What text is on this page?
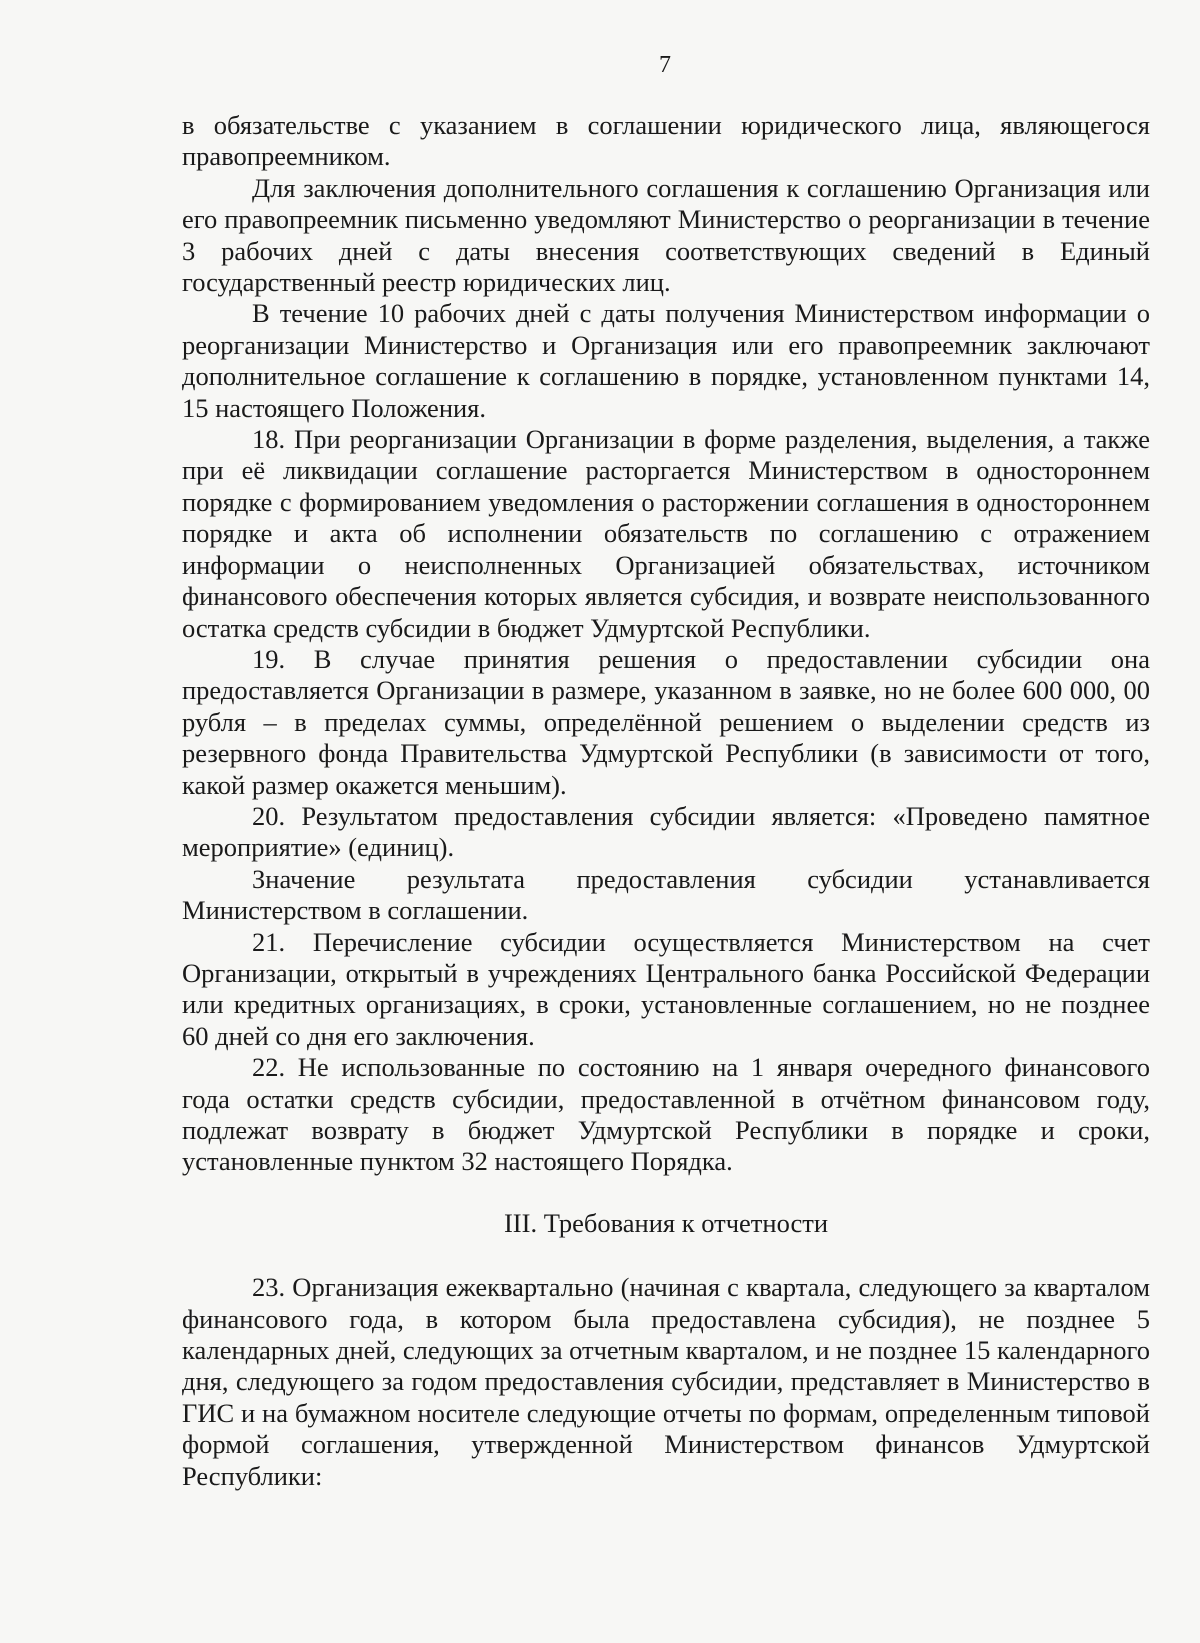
7

в обязательстве с указанием в соглашении юридического лица, являющегося правопреемником.

Для заключения дополнительного соглашения к соглашению Организация или его правопреемник письменно уведомляют Министерство о реорганизации в течение 3 рабочих дней с даты внесения соответствующих сведений в Единый государственный реестр юридических лиц.

В течение 10 рабочих дней с даты получения Министерством информации о реорганизации Министерство и Организация или его правопреемник заключают дополнительное соглашение к соглашению в порядке, установленном пунктами 14, 15 настоящего Положения.

18. При реорганизации Организации в форме разделения, выделения, а также при её ликвидации соглашение расторгается Министерством в одностороннем порядке с формированием уведомления о расторжении соглашения в одностороннем порядке и акта об исполнении обязательств по соглашению с отражением информации о неисполненных Организацией обязательствах, источником финансового обеспечения которых является субсидия, и возврате неиспользованного остатка средств субсидии в бюджет Удмуртской Республики.

19. В случае принятия решения о предоставлении субсидии она предоставляется Организации в размере, указанном в заявке, но не более 600 000, 00 рубля – в пределах суммы, определённой решением о выделении средств из резервного фонда Правительства Удмуртской Республики (в зависимости от того, какой размер окажется меньшим).

20. Результатом предоставления субсидии является: «Проведено памятное мероприятие» (единиц).

Значение результата предоставления субсидии устанавливается Министерством в соглашении.

21. Перечисление субсидии осуществляется Министерством на счет Организации, открытый в учреждениях Центрального банка Российской Федерации или кредитных организациях, в сроки, установленные соглашением, но не позднее 60 дней со дня его заключения.

22. Не использованные по состоянию на 1 января очередного финансового года остатки средств субсидии, предоставленной в отчётном финансовом году, подлежат возврату в бюджет Удмуртской Республики в порядке и сроки, установленные пунктом 32 настоящего Порядка.

III. Требования к отчетности

23. Организация ежеквартально (начиная с квартала, следующего за кварталом финансового года, в котором была предоставлена субсидия), не позднее 5 календарных дней, следующих за отчетным кварталом, и не позднее 15 календарного дня, следующего за годом предоставления субсидии, представляет в Министерство в ГИС и на бумажном носителе следующие отчеты по формам, определенным типовой формой соглашения, утвержденной Министерством финансов Удмуртской Республики:
